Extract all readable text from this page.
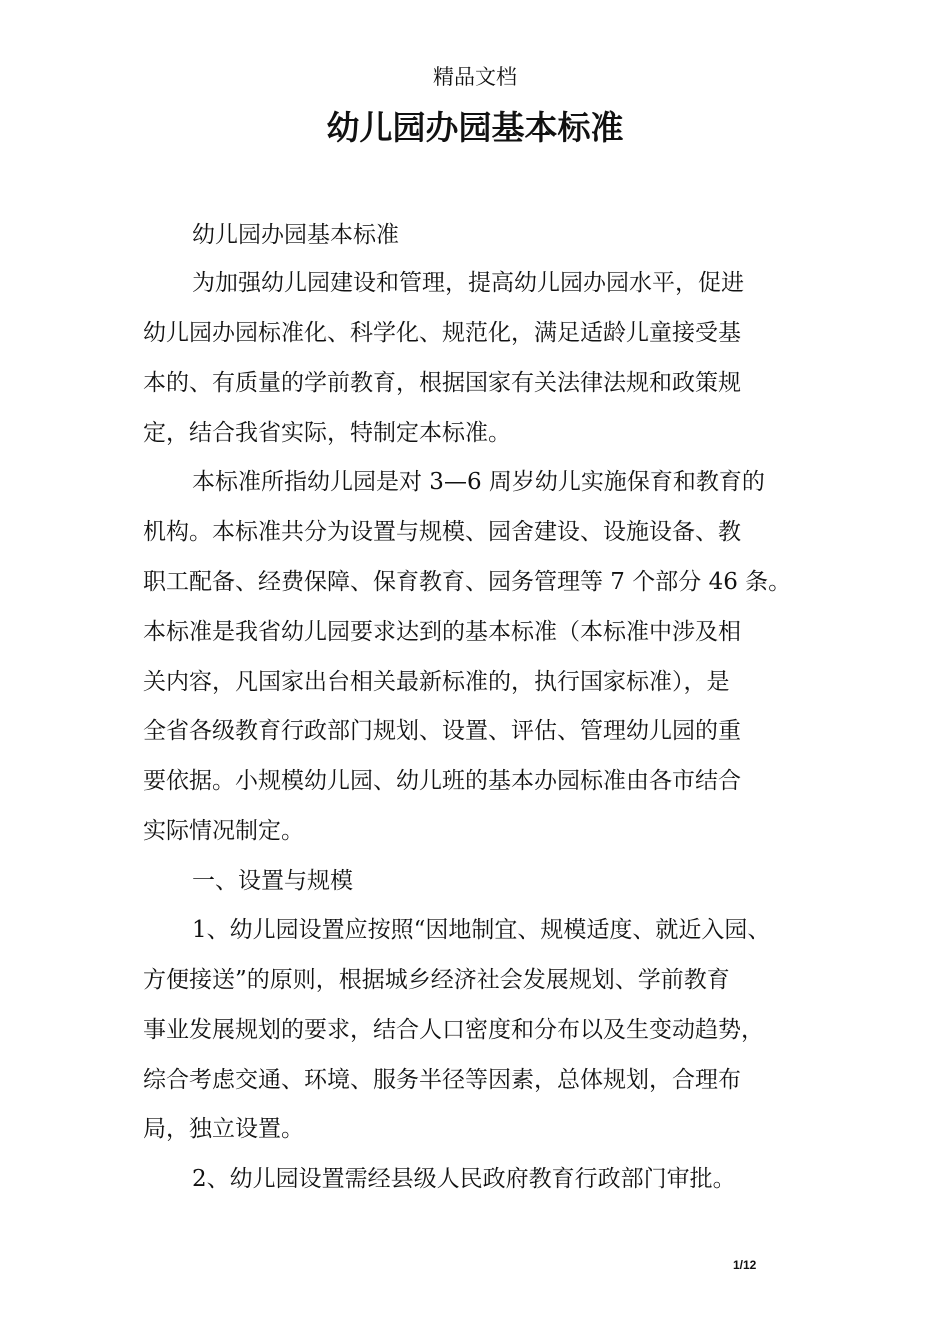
精品文档
幼儿园办园基本标准
幼儿园办园基本标准
为加强幼儿园建设和管理，提高幼儿园办园水平，促进
幼儿园办园标准化、科学化、规范化，满足适龄儿童接受基
本的、有质量的学前教育，根据国家有关法律法规和政策规
定，结合我省实际，特制定本标准。
本标准所指幼儿园是对 3—6 周岁幼儿实施保育和教育的
机构。本标准共分为设置与规模、园舍建设、设施设备、教
职工配备、经费保障、保育教育、园务管理等 7 个部分 46 条。
本标准是我省幼儿园要求达到的基本标准（本标准中涉及相
关内容，凡国家出台相关最新标准的，执行国家标准），是
全省各级教育行政部门规划、设置、评估、管理幼儿园的重
要依据。小规模幼儿园、幼儿班的基本办园标准由各市结合
实际情况制定。
一、设置与规模
1、幼儿园设置应按照“因地制宜、规模适度、就近入园、
方便接送”的原则，根据城乡经济社会发展规划、学前教育
事业发展规划的要求，结合人口密度和分布以及生变动趋势，
综合考虑交通、环境、服务半径等因素，总体规划，合理布
局，独立设置。
2、幼儿园设置需经县级人民政府教育行政部门审批。
1/12
